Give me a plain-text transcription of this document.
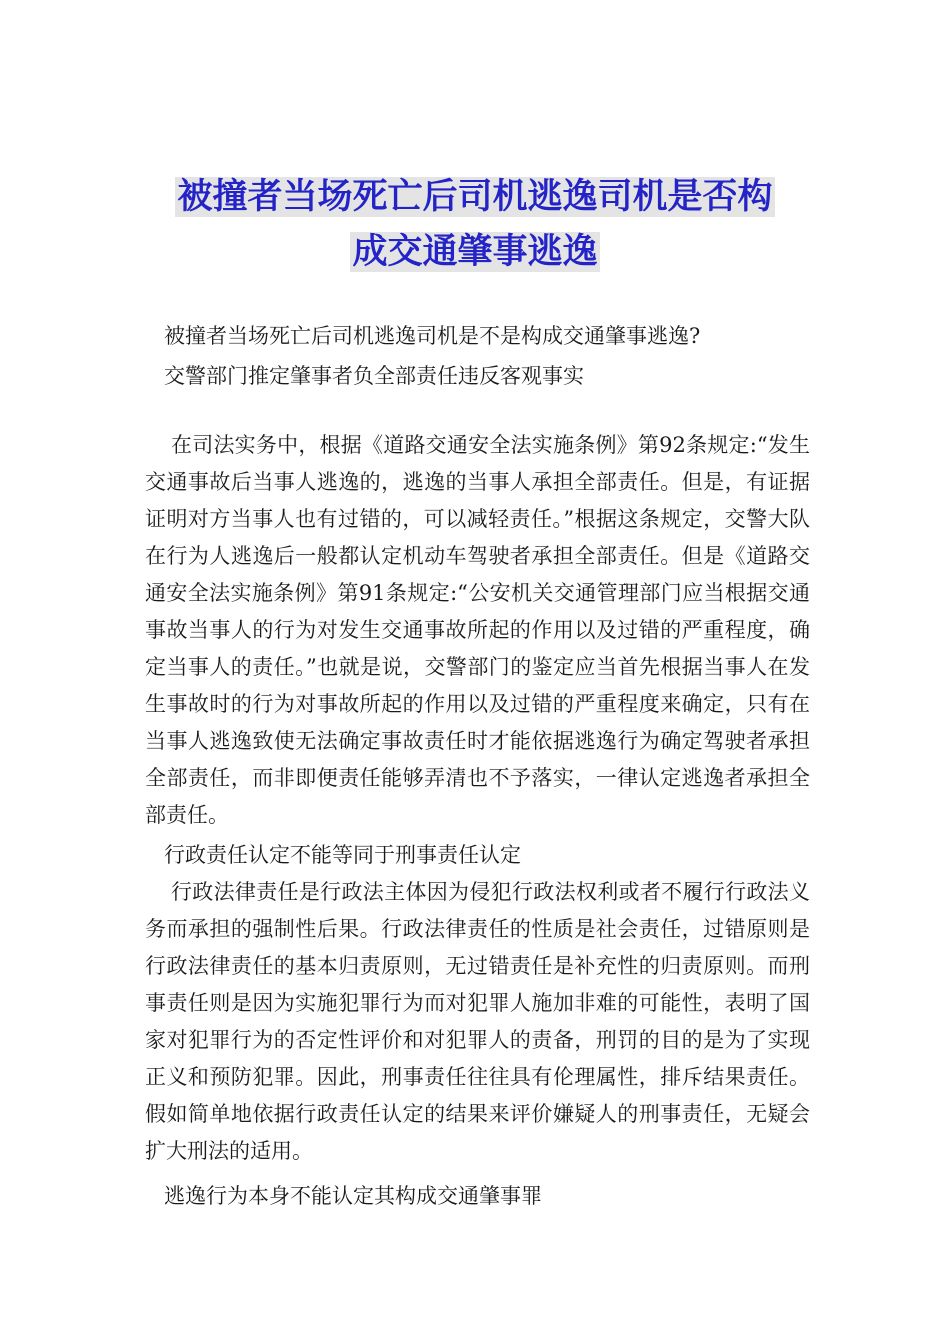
被撞者当场死亡后司机逃逸司机是否构
成交通肇事逃逸

被撞者当场死亡后司机逃逸司机是不是构成交通肇事逃逸?

交警部门推定肇事者负全部责任违反客观事实

在司法实务中，根据《道路交通安全法实施条例》第92条规定:“发生交通事故后当事人逃逸的，逃逸的当事人承担全部责任。但是，有证据证明对方当事人也有过错的，可以减轻责任。”根据这条规定，交警大队在行为人逃逸后一般都认定机动车驾驶者承担全部责任。但是《道路交通安全法实施条例》第91条规定:“公安机关交通管理部门应当根据交通事故当事人的行为对发生交通事故所起的作用以及过错的严重程度，确定当事人的责任。”也就是说，交警部门的鉴定应当首先根据当事人在发生事故时的行为对事故所起的作用以及过错的严重程度来确定，只有在当事人逃逸致使无法确定事故责任时才能依据逃逸行为确定驾驶者承担全部责任，而非即便责任能够弄清也不予落实，一律认定逃逸者承担全部责任。

行政责任认定不能等同于刑事责任认定

行政法律责任是行政法主体因为侵犯行政法权利或者不履行行政法义务而承担的强制性后果。行政法律责任的性质是社会责任，过错原则是行政法律责任的基本归责原则，无过错责任是补充性的归责原则。而刑事责任则是因为实施犯罪行为而对犯罪人施加非难的可能性，表明了国家对犯罪行为的否定性评价和对犯罪人的责备，刑罚的目的是为了实现正义和预防犯罪。因此，刑事责任往往具有伦理属性，排斥结果责任。假如简单地依据行政责任认定的结果来评价嫌疑人的刑事责任，无疑会扩大刑法的适用。

逃逸行为本身不能认定其构成交通肇事罪
